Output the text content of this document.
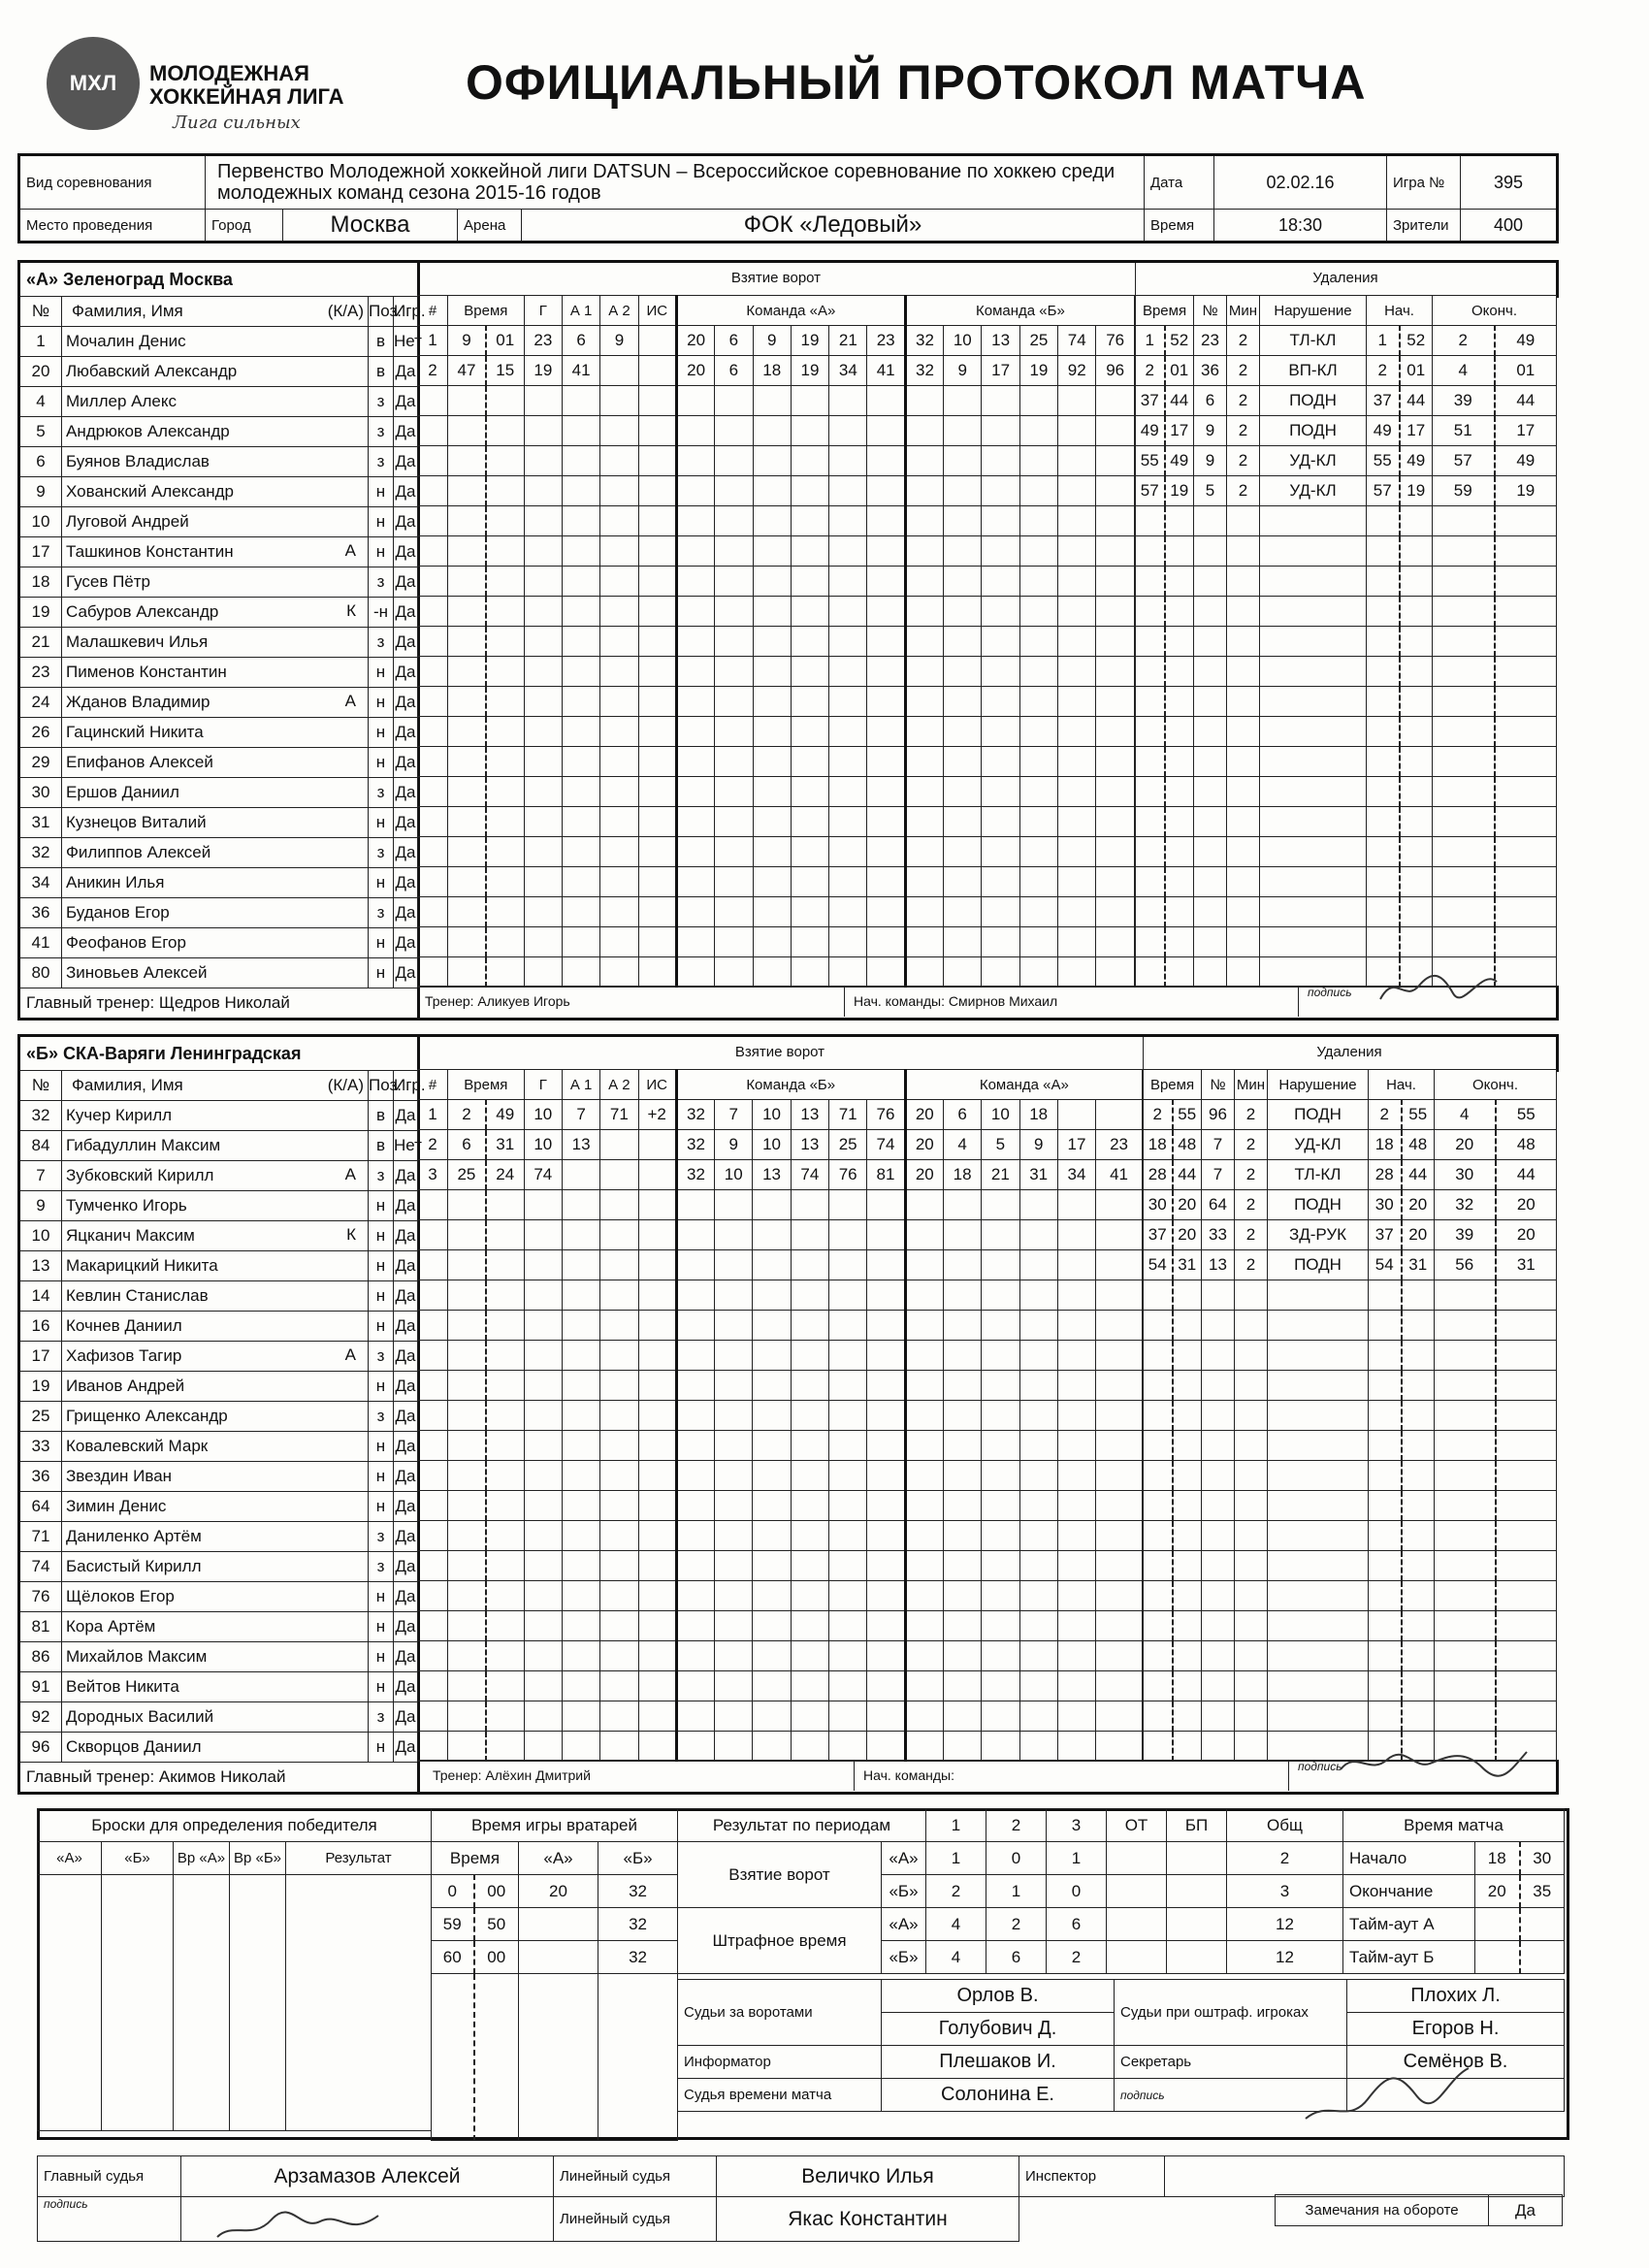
МХЛ МОЛОДЕЖНАЯ
ХОККЕЙНАЯ ЛИГА
Лига сильных
ОФИЦИАЛЬНЫЙ ПРОТОКОЛ МАТЧА
Вид соревнования	Первенство Молодежной хоккейной лиги DATSUN – Всероссийское соревнование по хоккею среди молодежных команд сезона 2015-16 годов				Дата	02.02.16	Игра №	395
Место проведения	Город	Москва	Арена	ФОК «Ледовый»	Время	18:30	Зрители	400
«А» Зеленоград Москва			
№	Фамилия, Имя (К/А)		Поз.	Игр.
1	Мочалин Денис		в	Нет
20	Любавский Александр		в	Да
4	Миллер Алекс		з	Да
5	Андрюков Александр		з	Да
6	Буянов Владислав		з	Да
9	Хованский Александр		н	Да
10	Луговой Андрей		н	Да
17	Ташкинов Константин А		н	Да
18	Гусев Пётр		з	Да
19	Сабуров Александр К		-н	Да
21	Малашкевич Илья		з	Да
23	Пименов Константин		н	Да
24	Жданов Владимир А		н	Да
26	Гацинский Никита		н	Да
29	Епифанов Алексей		н	Да
30	Ершов Даниил		з	Да
31	Кузнецов Виталий		н	Да
32	Филиппов Алексей		з	Да
34	Аникин Илья		н	Да
36	Буданов Егор		з	Да
41	Феофанов Егор		н	Да
80	Зиновьев Алексей		н	Да
Главный тренер: Щедров Николай			
Взятие ворот
#	Время		Г	А 1	А 2	ИС	Команда «А»						Команда «Б»					
1	9	01	23	6	9		20	6	9	19	21	23	32	10	13	25	74	76
2	47	15	19	41			20	6	18	19	34	41	32	9	17	19	92	96

Удаления
Время		№	Мин	Нарушение	Нач.		Оконч.	
1	52	23	2	ТЛ-КЛ	1	52	2	49
2	01	36	2	ВП-КЛ	2	01	4	01
37	44	6	2	ПОДН	37	44	39	44
49	17	9	2	ПОДН	49	17	51	17
55	49	9	2	УД-КЛ	55	49	57	49
57	19	5	2	УД-КЛ	57	19	59	19

Тренер: Аликуев Игорь	Нач. команды: Смирнов Михаил
подпись
«Б» СКА-Варяги Ленинградская			
№	Фамилия, Имя (К/А)		Поз.	Игр.
32	Кучер Кирилл		в	Да
84	Гибадуллин Максим		в	Нет
7	Зубковский Кирилл А		з	Да
9	Тумченко Игорь		н	Да
10	Яцканич Максим К		н	Да
13	Макарицкий Никита		н	Да
14	Кевлин Станислав		н	Да
16	Кочнев Даниил		н	Да
17	Хафизов Тагир А		з	Да
19	Иванов Андрей		н	Да
25	Грищенко Александр		з	Да
33	Ковалевский Марк		н	Да
36	Звездин Иван		н	Да
64	Зимин Денис		н	Да
71	Даниленко Артём		з	Да
74	Басистый Кирилл		з	Да
76	Щёлоков Егор		н	Да
81	Кора Артём		н	Да
86	Михайлов Максим		н	Да
91	Вейтов Никита		н	Да
92	Дородных Василий		з	Да
96	Скворцов Даниил		н	Да
Главный тренер: Акимов Николай			
Взятие ворот
#	Время		Г	А 1	А 2	ИС	Команда «Б»						Команда «А»					
1	2	49	10	7	71	+2	32	7	10	13	71	76	20	6	10	18		
2	6	31	10	13			32	9	10	13	25	74	20	4	5	9	17	23
3	25	24	74				32	10	13	74	76	81	20	18	21	31	34	41

Удаления
Время		№	Мин	Нарушение	Нач.		Оконч.	
2	55	96	2	ПОДН	2	55	4	55
18	48	7	2	УД-КЛ	18	48	20	48
28	44	7	2	ТЛ-КЛ	28	44	30	44
30	20	64	2	ПОДН	30	20	32	20
37	20	33	2	ЗД-РУК	37	20	39	20
54	31	13	2	ПОДН	54	31	56	31

Тренер: Алёхин Дмитрий	Нач. команды:
подпись
Броски для определения победителя				
«А»	«Б»	Вр «А»	Вр «Б»	Результат

Время игры вратарей			
Время		«А»	«Б»
0	00	20	32
59	50		32
60	00		32

Результат по периодам		1	2	3	ОТ	БП	Общ
Взятие ворот	«А»	1	0	1			2
	«Б»	2	1	0			3
Штрафное время	«А»	4	2	6			12
	«Б»	4	6	2			12
Время матча		
Начало	18	30
Окончание	20	35
Тайм-аут А		
Тайм-аут Б		
Судьи за воротами	Орлов В.	Судьи при оштраф. игроках	Плохих Л.
	Голубович Д.		Егоров Н.
Информатор	Плешаков И.	Секретарь	Семёнов В.
Судья времени матча	Солонина Е.	подпись	
Главный судья	Арзамазов Алексей	Линейный судья	Величко Илья	Инспектор	
подпись		Линейный судья	Якас Константин			Замечания на обороте	Да
